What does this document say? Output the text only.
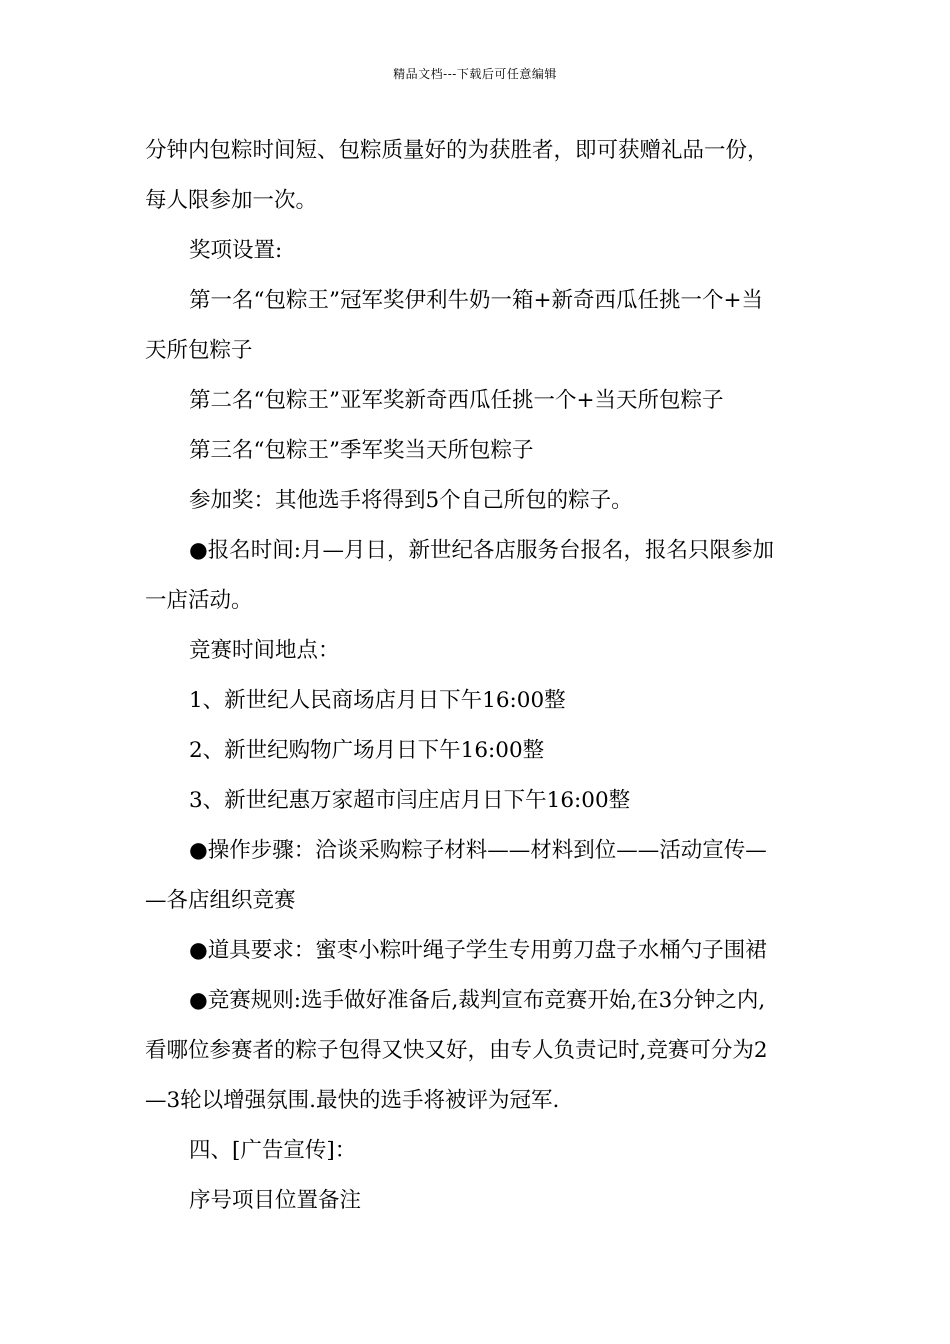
精品文档---下载后可任意编辑
分钟内包粽时间短、包粽质量好的为获胜者，即可获赠礼品一份，
每人限参加一次。
奖项设置:
第一名“包粽王”冠军奖伊利牛奶一箱+新奇西瓜任挑一个+当
天所包粽子
第二名“包粽王”亚军奖新奇西瓜任挑一个+当天所包粽子
第三名“包粽王”季军奖当天所包粽子
参加奖：其他选手将得到5个自己所包的粽子。
●报名时间:月—月日，新世纪各店服务台报名，报名只限参加
一店活动。
竞赛时间地点：
1、新世纪人民商场店月日下午16:00整
2、新世纪购物广场月日下午16:00整
3、新世纪惠万家超市闫庄店月日下午16:00整
●操作步骤：洽谈采购粽子材料——材料到位——活动宣传—
—各店组织竞赛
●道具要求：蜜枣小粽叶绳子学生专用剪刀盘子水桶勺子围裙
●竞赛规则:选手做好准备后,裁判宣布竞赛开始,在3分钟之内,
看哪位参赛者的粽子包得又快又好，由专人负责记时,竞赛可分为2
—3轮以增强氛围.最快的选手将被评为冠军.
四、[广告宣传]：
序号项目位置备注
